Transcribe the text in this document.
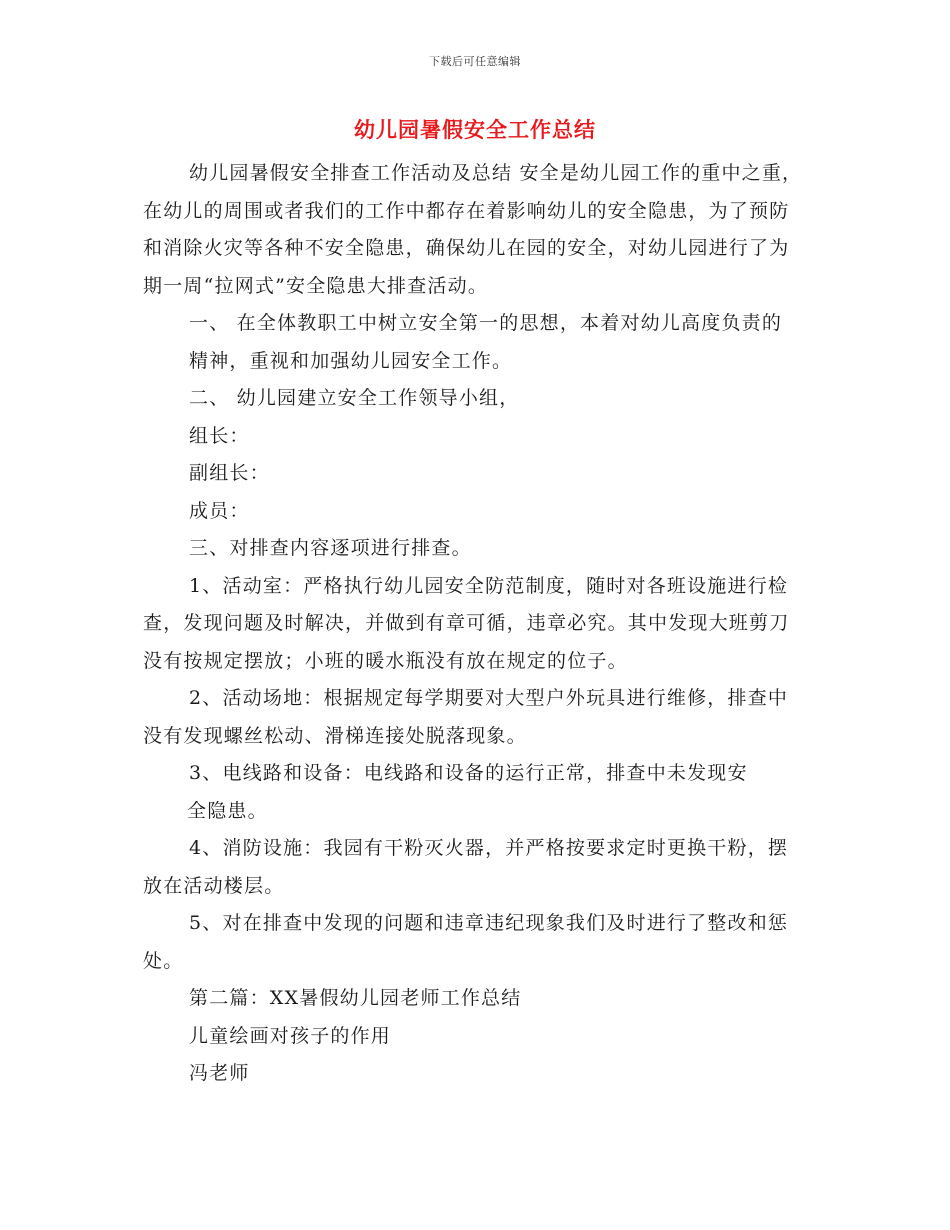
下载后可任意编辑
幼儿园暑假安全工作总结

幼儿园暑假安全排查工作活动及总结 安全是幼儿园工作的重中之重，在幼儿的周围或者我们的工作中都存在着影响幼儿的安全隐患，为了预防和消除火灾等各种不安全隐患，确保幼儿在园的安全，对幼儿园进行了为期一周“拉网式”安全隐患大排查活动。

一、 在全体教职工中树立安全第一的思想，本着对幼儿高度负责的

精神，重视和加强幼儿园安全工作。

二、 幼儿园建立安全工作领导小组，

组长：

副组长：

成员：

三、对排查内容逐项进行排查。

1、活动室：严格执行幼儿园安全防范制度，随时对各班设施进行检查，发现问题及时解决，并做到有章可循，违章必究。其中发现大班剪刀没有按规定摆放；小班的暖水瓶没有放在规定的位子。

2、活动场地：根据规定每学期要对大型户外玩具进行维修，排查中没有发现螺丝松动、滑梯连接处脱落现象。

3、电线路和设备：电线路和设备的运行正常，排查中未发现安

全隐患。

4、消防设施：我园有干粉灭火器，并严格按要求定时更换干粉，摆放在活动楼层。

5、对在排查中发现的问题和违章违纪现象我们及时进行了整改和惩处。

第二篇：XX暑假幼儿园老师工作总结

儿童绘画对孩子的作用

冯老师
